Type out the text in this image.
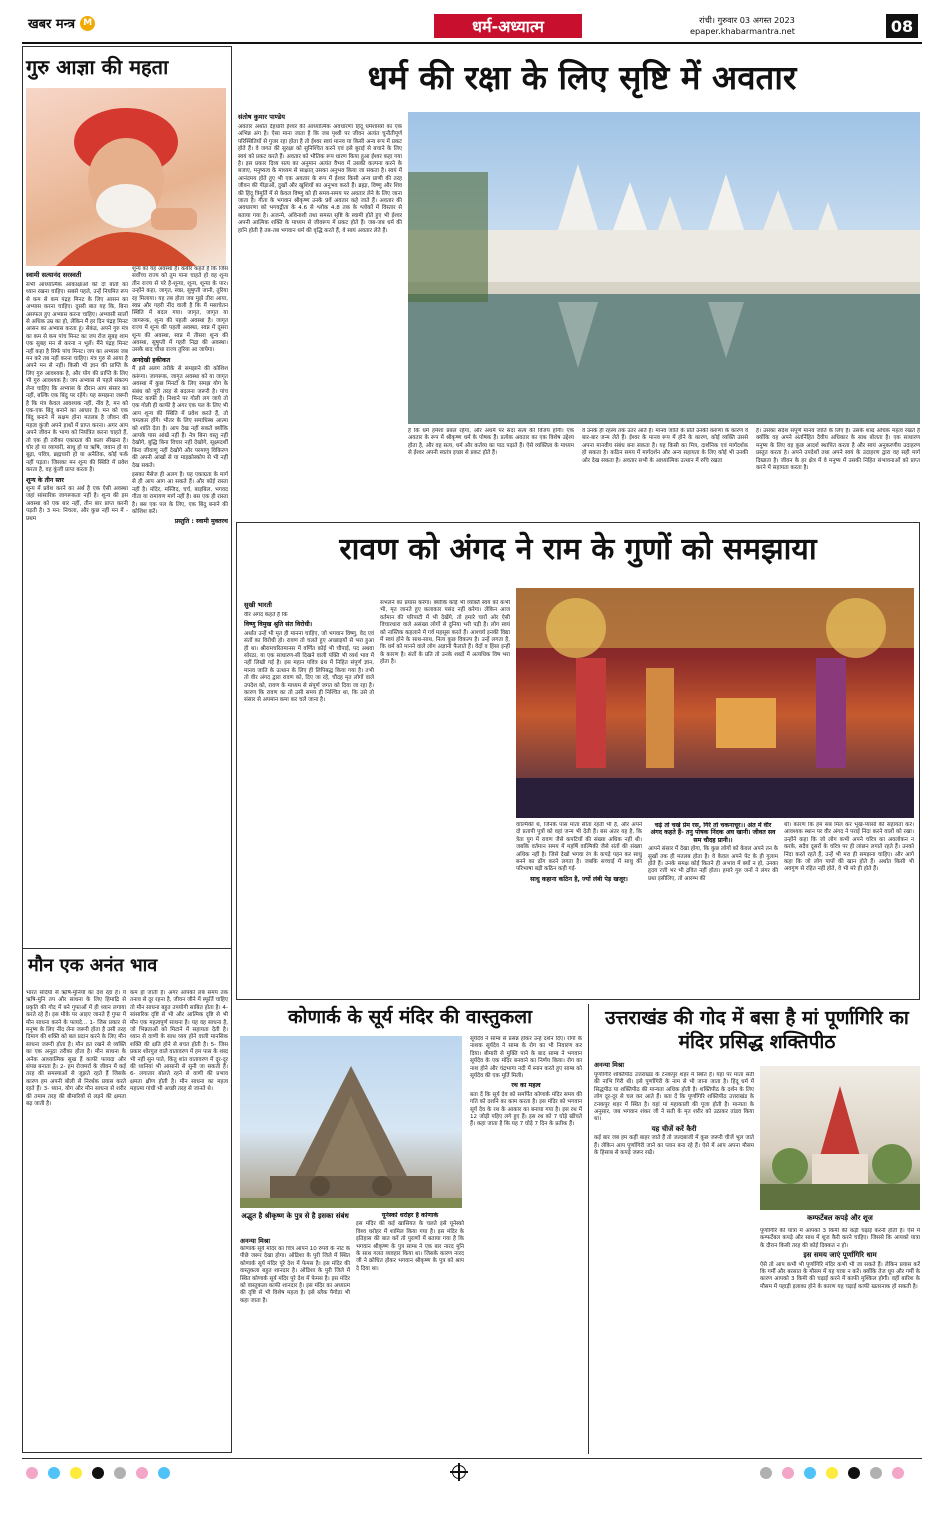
खबर मन्त्र M	धर्म-अध्यात्म	रांची। गुरुवार 03 अगस्त 2023
epaper.khabarmantra.net	08
गुरु आज्ञा की महता
स्वामी सत्यानंद सरस्वती

सभी आध्यात्मिक आकांक्षाओं को दो बातों का ध्यान रखना चाहिए। सबसे पहले, उन्हें नियमित रूप से कम से कम पंद्रह मिनट के लिए आसन का अभ्यास करना चाहिए। दूसरी बात यह कि, बिना असफल हुए अभ्यास करना चाहिए। अभ्यासी सालों से अधिक उम्र का हो, लेकिन मैं हर दिन पंद्रह मिनट आसन का अभ्यास करता हूं। सेकंड, अपने गुरु मंत्र का कम से कम पांच मिनट का जप रोज सुबह शाम एक सुबह मन से करना न भूलें। मैंने पंद्रह मिनट नहीं कहा है सिर्फ पांच मिनट। जप का अभ्यास जब मन करे तब नहीं करना चाहिए। मंत्र गुरु से आया है अपने मन से नहीं। किसी भी ज्ञान की प्राप्ति के लिए गुरु आवश्यक है, और योग की प्राप्ति के लिए भी गुरु आवश्यक है। जप अभ्यास से पहले संकल्प लेना चाहिए कि अभ्यास के दौरान आप संसार का नहीं, बल्कि एक बिंदु पर रहेंगे। यह समझना जरूरी है कि मंत्र केवल आवश्यक नहीं, नींव है, मन को एक-एक बिंदु बनाने का आधार है। मन को एक बिंदु बनाने में सक्षम होना मतलब है जीवन की महत्व कुंजी अपने हाथों में प्राप्त करना। अगर आप अपने जीवन के भाग्य को नियंत्रित करना चाहते हैं, तो एक ही तरीका एकाग्रता की कला सीखना है। चोर हो या व्यापारी, साधु हो या ऋषि, जवान हो या बूढ़ा, पवित्र, ब्रह्मचारी हो या अनैतिक, कोई फर्क नहीं पड़ता। जिसका मन शून्य की स्थिति में प्रवेश करता है, वह कुंजी प्राप्त करता है।

शून्य के तीन स्तर

शून्य में प्रवेश करने का अर्थ है एक ऐसी अवस्था जहां सांसारिक जागरूकता नहीं है। शून्य की इस अवस्था को एक बार नहीं, तीन बार प्राप्त करनी पड़ती है। 3 मन: निचला, और कुछ नहीं मन में - प्रथम

शून्य का यह अवस्था है। कबीर कहते हैं कि जिस सर्वोच्च राज्य को तुम पाना चाहते हो वह शून्य तीन राज्य से परे है-शून्या, शून्य, शून्या के पार। उन्होंने कहा, जागृत, स्वप्न, सुषुप्ती जानी, तुरिया रह मिलाया। यह तब होता जब मुझे तीरा आया, स्वप्न और गहरी नींद वाली है कि मैं मसाचेतन स्थिति में बदल गया। जागृत, जागृत या जागरूक, शून्य की पहली अवस्था है। जागृत राज्य में शून्य की पहली अवस्था, स्वप्न में दूसरा शून्य की अवस्था, स्वप्न में तीसरा शून्य की अवस्था, सुषुप्ती में गहरी निद्रा की अवस्था। उसके बाद चौथा राज्य तुरिया आ जायेगा।

अनदेखी हकीकत

मैं इसे अलग तरीके से समझाने की कोशिश करूंगा। जागरूक, जागृत अवस्था को या जागृत अवस्था में कुछ मिनटों के लिए समझ योग के संबंध को पूरी तरह से बदलना जरूरी है। पांच मिनट काफी है। निशाने पर गोली लग जाये तो एक गोली ही काफी है अगर एक पल के लिए भी आप शून्य की स्थिति में प्रवेश करते हैं, तो चमत्कार होंगे। भीतर के लिए समाधिस्थ आत्मा को शांति देता है। आप देख नहीं सकते क्योंकि आपके पास आंखें नहीं हैं। नेत्र बिना वस्तु नहीं देखोगे, बुद्धि बिना विचार नहीं देखोगे, सूक्ष्मदर्शी बिना जीवाणु नहीं देखोगे और परमाणु विकिरण की अपनी आंखों से या माइक्रोस्कोप से भी नहीं देख सकते।

इसका मैसेज ही अलग है। यह एकाग्रता के मार्ग से ही आप आग आ सकते हैं। और कोई रास्ता नहीं है। मंदिर, मस्जिद, चर्च, बाइबिल, भगवद गीता या रामायण मार्ग नहीं है। बस एक ही रास्ता है। बस एक पल के लिए, एक बिंदु बनाने की कोशिश करें।

प्रस्तुति : स्वामी मुक्तरथ

मौन एक अनंत भाव

भारत सदियों से ऋषि-मुनियों का देश रहा है। ये ऋषि-मुनि तप और साधना के लिए हिमाद्रि से प्रकृति की गोद में बने गुफाओं में ही ध्यान लगाया करते रहे हैं। इस मौके पर आइए जानते हैं गुफा में मौन साधना करने के फायदे... 1- जिस प्रकार से मनुष्य के लिए नींद लेना जरूरी होता है उसी तरह दिमाग की शक्ति को बल प्रदान करने के लिए मौन साधना जरूरी होता है। मौन व्रत रखने से व्यक्ति का एक अनूठा तरीका होता है। मौन साधना के अनेक आध्यात्मिक सुख हैं काफी फायदा और संपन्न बनाता है। 2- हम रोजमर्रा के जीवन में कई तरह की समस्याओं से जूझते रहते हैं जिसके कारण हम अपनी बोली से निरर्थक प्रयास करते रहते हैं। 3- ध्यान, योग और मौन साधना से शरीर की तमाम तरह की बीमारियों से लड़ने की क्षमता बढ़ जाती है।

कम हो जाती है। अगर आपको लंबे समय तक तनाव से दूर रहना है, जीवन जीने में स्फूर्ति चाहिए तो मौन साधना बहुत उपयोगी साबित होता है। 4- सांसारिक दृष्टि से भी और आत्मिक दृष्टि से भी मौन एक महत्वपूर्ण साधना है। यह वह साधना है, जो भिन्नताओं को मिटाने में सहायता देती है। ध्यान से वाणी के साथ व्यय होने वाली मानसिक शक्ति की क्षति होने से बचत होती है। 5- जिस प्रकार शोरगुल वाले वातावरण में हम पास के शब्द भी नहीं सुन पाते, किंतु शांत वातावरण में दूर-दूर की ध्वनियां भी आसानी से सुनी जा सकती हैं। 6- लगातार बोलते रहने से वाणी की प्रभाव क्षमता क्षीण होती है। मौन साधना का महत्व महात्मा गांधी भी अच्छी तरह से जानते थे।

धर्म की रक्षा के लिए सृष्टि में अवतार
संतोष कुमार पाण्डेय

अवतार अर्थात देहधारी ईश्वर की आध्यात्मिक अवधारणा हिंदू धर्मशास्त्रों का एक अभिन्न अंग है। ऐसा माना जाता है कि जब पृथ्वी पर जीवन अत्यंत चुनौतीपूर्ण परिस्थितियों से गुजर रहा होता है तो ईश्वर स्वयं मानव या किसी अन्य रूप में प्रकट होते हैं। वे जगत की सुरक्षा को सुनिश्चित करने एवं इसे बुराई से बचाने के लिए स्वयं को प्रकट करते हैं। अवतार को भौतिक रूप धारण किया हुआ ईश्वर कहा गया है। इस प्रकार दिव्य सत्य का अनुमान अत्यंत वैभव में उसकी कल्पना करने के बजाए, मनुष्यत्व के माध्यम से साक्षात् उसका अनुभव किया जा सकता है। स्वयं में आनंदमय होते हुए भी एक अवतार के रूप में ईश्वर किसी अन्य प्राणी की तरह जीवन की पीड़ाओं, दुखों और खुशियों का अनुभव करते हैं। ब्रह्मा, विष्णु और शिव की हिंदू त्रिमूर्ति में से केवल विष्णु को ही समय-समय पर अवतार लेने के लिए जाना जाता है। गीता के भगवान श्रीकृष्ण उनके 9वें अवतार कहे जाते हैं। अवतार की अवधारणा को भगवद्गीता के 4.6 से श्लोक 4.8 तक के श्लोकों में विस्तार से बताया गया है। अजन्मे, अविनाशी तथा समस्त सृष्टि के स्वामी होते हुए भी ईश्वर अपनी आत्मिक शक्ति के माध्यम से जीवरूप में प्रकट होते हैं। जब-जब धर्म की हानि होती है तब-तब भगवान धर्म की वृद्धि करते हैं, वे स्वयं अवतार लेते हैं।

है कि धर्म हमेशा प्रबल रहेगा, और अधर्म पर सदा सत्य की विजय होगी। एक अवतार के रूप में श्रीकृष्ण धर्म के पोषक हैं। प्रत्येक अवतार का एक विशेष उद्देश्य होता है, और वह सत्य, धर्म और कर्तव्य का पाठ पढ़ाते हैं। ऐसे व्यक्तित्व के माध्यम से ईश्वर अपनी स्वतंत्र इच्छा से प्रकट होते हैं।

वे उनके ही रहस्य तक उतर आते हैं। मानव जाति के प्रति उनकी करुणा के कारण वे बार-बार जन्म लेते हैं। ईश्वर के मानव रूप में होने के कारण, कोई व्यक्ति उससे अपना मानवीय संबंध बना सकता है। यह किसी का मित्र, दार्शनिक एवं मार्गदर्शक हो सकता है। कठिन समय में मार्गदर्शन और अन्य सहायता के लिए कोई भी उनकी ओर देख सकता है। अवतार सभी के आध्यात्मिक उत्थान में रुचि रखता

है। उसका संदेश संपूर्ण मानव जाति के लिए है। उसके शब्द अधिक महत्व रखते हैं क्योंकि वह अपने अंतर्निहित दैवीय अधिकार के साथ बोलता है। एक साधारण मनुष्य के लिए वह कुछ आदर्श स्थापित करता है और स्वयं अनुकरणीय उदाहरण प्रस्तुत करता है। अपने उपदेशों तथा अपने स्वयं के उदाहरण द्वारा वह सही मार्ग दिखाता है। जीवन के हर क्षेत्र में वे मनुष्य में उसकी निहित संभावनाओं को प्राप्त करने में सहायता करता है।

रावण को अंगद ने राम के गुणों को समझाया
सुखी भारती

वीर अंगद कहते हैं कि

विष्णु विमुख श्रुति संत विरोधी।

अर्थात उन्हें भी मृत ही मानना चाहिए, जो भगवान विष्णु, वेद एवं संतों का विरोधी हो। रावण तो चलते हुए अच्छाइयों से भरा हुआ ही था। श्रीरामचरितमानस में वर्णित कोई भी चौपाई, पद अथवा सोरठा, या एक साधारण-सी दिखने वाली पंक्ति भी व्यर्थ भाव में नहीं लिखी गई है। इस महान पवित्र ग्रंथ में निहित संपूर्ण ज्ञान, मानव जाति के उत्थान के लिए ही लिपिबद्ध किया गया है। तभी तो वीर अंगद द्वारा रावण को, दिए जा रहे, चौदह मृत लोगों वाले उपदेश को, रावण के माध्यम से संपूर्ण जगत को दिया जा रहा है। कारण कि रावण का तो उसी समय ही निश्चित था, कि उसे तो संसार से अपमान कमा कर चले जाना है।

संभलने का प्रयास करेगा। क्योंकि कोई भी व्यक्ति स्वयं को कभी भी, मृत जानते हुए कलाकार पसंद नहीं करेगा। लेकिन आज वर्तमान की परिपाटी में भी देखेंगे, तो हमारे चारों ओर ऐसी विचारधारा वाले असंख्य लोगों से दुनिया भरी पड़ी है। लोग स्वयं को नास्तिक कहलाने में गर्व महसूस करते हैं। आश्चर्य इनकी विद्या में स्वयं होने के साथ-साथ, नित्य कुछ विकल्प है। उन्हें लगता है, कि धर्म को मानने वाले लोग अज्ञानी फैलाते हैं। वेदों व हिंसा इन्हीं के कारण है। संतों के प्रति तो उनके शब्दों में अत्यधिक विष भरा होता है।

वाल्मिकी थे, जिनके पास माता सीता रहती भी हैं, और अपने दो प्रतापी पुत्रों को वहां जन्म भी देती हैं। बस अंतर यह है, कि त्रेता युग में रावण जैसे कपटियों की संख्या अधिक नहीं थी। जबकि वर्तमान समय में महर्षि वाल्मिकी जैसे संतों की संख्या अधिक नहीं है। जिसे देखो भगवा रंग के कपड़े पहन कर साधु बनने का ढोंग करने लगता है। जबकि सच्चाई में साधु की परिभाषा बड़ी कठिन कही गई-

साधु कहाना कठिन है, ज्यों लंबी पेड़ खजूर।

चढ़े तो चखे प्रेम रस, गिरे तो चकनाचूर।। अंत में वीर अंगद कहते हैं- तनु पोषक निंदक अघ खानी। जीवत सव सम चौदह प्रानी।।

आपने संसार में देखा होगा, कि कुछ लोगों को केवल अपने तन के सुखों तक ही मतलब होता है। वे केवल अपने पेट के ही गुलाम होते हैं। उनके समक्ष कोई कितने ही अभाव में क्यों न हो, उनका हृदय रत्ती भर भी द्रवित नहीं होता। हमारे गुरु जनों ने लंगर की प्रथा इसीलिए, तो आरम्भ की

थी। कारण कि हम सब मिल कर भूखे-प्यासों की सहायता करें। आवश्यक स्थान पर वीर अंगद ने पराई निंदा करने वालों को रखा। उन्होंने कहा कि जो लोग कभी अपने चरित्र का अवलोकन न करके, सदैव दूसरों के चरित्र पर ही लांछन लगाते रहते हैं। उनको निंदा करते रहते हैं, उन्हें भी मरा ही समझना चाहिए। और आगे कहा कि जो लोग पापों की खान होते हैं। अर्थात किसी भी अवगुण से रहित नहीं होते, वे भी मरे ही होते हैं।

कोणार्क के सूर्य मंदिर की वास्तुकला
अद्भुत है श्रीकृष्ण के पुत्र से है इसका संबंध
अनन्या मिश्रा

कोणार्क सूर्य मंदिर का चित्र आपने 10 रुपये के नोट के पीछे जरूर देखा होगा। ओडिशा के पुरी जिले में स्थित कोणार्क सूर्य मंदिर पूरे देश में फेमस है। इस मंदिर की वास्तुकला बहुत शानदार है। ओडिशा के पुरी जिले में स्थित कोणार्क सूर्य मंदिर पूरे देश में फेमस है। इस मंदिर को वास्तुकला काफी शानदार है। इस मंदिर का अध्यात्म की दृष्टि से भी विशेष महत्व है। इसे ब्लैक पैगोडा भी कहा जाता है।

यूनेस्को धरोहर है कोणार्क

इस मंदिर की कई खासियत के चलते इसे यूनेस्को विश्व धरोहर में शामिल किया गया है। इस मंदिर के इतिहास की बात करें तो पुराणों में बताया गया है कि भगवान श्रीकृष्ण के पुत्र साम्ब ने एक बार नारद मुनि के साथ गलत व्यवहार किया था। जिसके कारण नारद जी ने क्रोधित होकर भगवान श्रीकृष्ण के पुत्र को श्राप दे दिया था।

सूर्यदेव ने साम्ब से प्रसन्न होकर उन्हें दर्शन दिए। रोगों के नाशक सूर्यदेव ने साम्ब के रोग का भी निवारण कर दिया। बीमारी से मुक्ति पाने के बाद साम्ब ने भगवान सूर्यदेव के एक मंदिर बनवाने का निर्णय किया। रोग का नाश होने और चंद्रभागा नदी में स्नान करते हुए साम्ब को सूर्यदेव की एक मूर्ति मिली।

रथ का महत्व

बता दें कि सूर्य देव को समर्पित कोणार्क मंदिर समय की गति को दर्शाने का काम करता है। इस मंदिर को भगवान सूर्य देव के रथ के आकार का बनाया गया है। इस रथ में 12 जोड़ी पहिए लगे हुए हैं। इस रथ को 7 घोड़े खींचते हैं। कहा जाता है कि यह 7 घोड़े 7 दिन के प्रतीक हैं।

उत्तराखंड की गोद में बसा है मां पूर्णागिरि का मंदिर प्रसिद्ध शक्तिपीठ
अनन्या मिश्रा

पूर्णागिरि शक्तिपीठ उत्तराखंड के टनकपुर शहर में स्थित है। यहां पर माता सती की नाभि गिरी थी। इसे पूर्णागिरी के नाम से भी जाना जाता है। हिंदू धर्म में सिद्धपीठ या शक्तिपीठ की मान्यता अधिक होती है। शक्तिपीठ के दर्शन के लिए लोग दूर-दूर से चल कर आते हैं। बता दें कि पूर्णागिरि शक्तिपीठ उत्तराखंड के टनकपुर शहर में स्थित है। यहां मां महाकाली की पूजा होती है। मान्यता के अनुसार, जब भगवान शंकर जी ने सती के मृत शरीर को उठाकर तांडव किया था।

यह चीजें करें कैरी

कई बार जब हम कहीं बाहर जाते हैं तो जल्दबाजी में कुछ जरूरी चीजें भूल जाते हैं। लेकिन आप पूर्णागिरी जाने का प्लान बना रहे हैं। ऐसे में आप अपना मौसम के हिसाब से कपड़े जरूर रखें।

कम्फर्टेबल कपड़े और शूज

पूर्णागिरि की यात्रा में आपको 3 किमी की कड़ी चढ़ाई करनी होती है। ऐसे में कम्फर्टेबल कपड़े और साथ में शूज कैरी करने चाहिए। जिससे कि आपको यात्रा के दौरान किसी तरह की कोई दिक्कत न हो।

इस समय जाएं पूर्णागिरि धाम

ऐसे तो आप कभी भी पूर्णागिरि मंदिर कभी भी जा सकते हैं। लेकिन प्रयास करें कि गर्मी और बरसात के मौसम में यह यात्रा न करें। क्योंकि तेज धूप और गर्मी के कारण आपको 3 किमी की चढ़ाई करने में काफी मुश्किल होगी। वहीं बारिश के मौसम में पहाड़ी इलाका होने के कारण यह चढ़ाई काफी खतरनाक हो सकती है।
